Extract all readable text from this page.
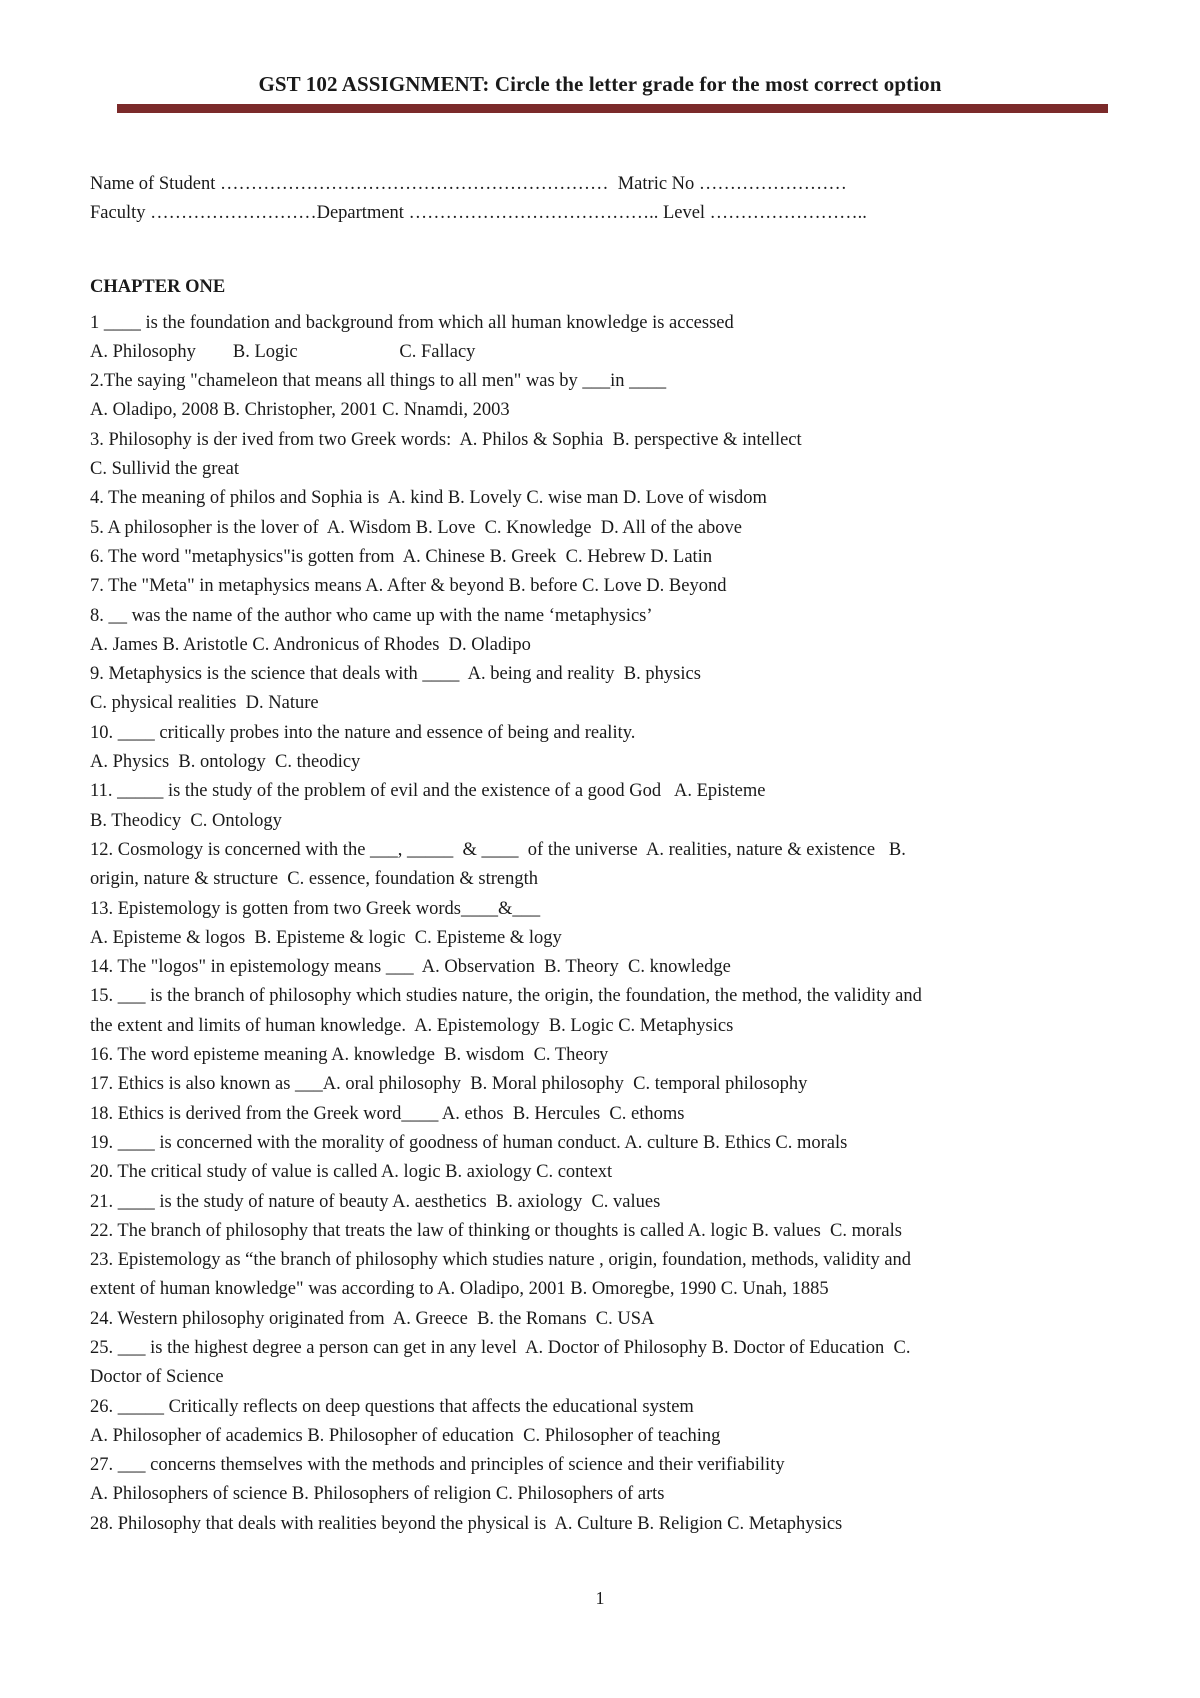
GST 102 ASSIGNMENT: Circle the letter grade for the most correct option
Name of Student ………………………………………………………  Matric No ……………………
Faculty ………………………Department ………………………………….. Level ……………………..
CHAPTER ONE
1 ____ is the foundation and background from which all human knowledge is accessed
A. Philosophy        B. Logic                      C. Fallacy
2.The saying "chameleon that means all things to all men" was by ___in ____
A. Oladipo, 2008 B. Christopher, 2001 C. Nnamdi, 2003
3. Philosophy is der ived from two Greek words:  A. Philos & Sophia  B. perspective & intellect
C. Sullivid the great
4. The meaning of philos and Sophia is  A. kind B. Lovely C. wise man D. Love of wisdom
5. A philosopher is the lover of  A. Wisdom B. Love  C. Knowledge  D. All of the above
6. The word "metaphysics"is gotten from  A. Chinese B. Greek  C. Hebrew D. Latin
7. The "Meta" in metaphysics means A. After & beyond B. before C. Love D. Beyond
8. __ was the name of the author who came up with the name ‘metaphysics’
A. James B. Aristotle C. Andronicus of Rhodes  D. Oladipo
9. Metaphysics is the science that deals with ____  A. being and reality  B. physics
C. physical realities  D. Nature
10. ____ critically probes into the nature and essence of being and reality.
A. Physics  B. ontology  C. theodicy
11. _____ is the study of the problem of evil and the existence of a good God   A. Episteme
B. Theodicy  C. Ontology
12. Cosmology is concerned with the ___, _____  & ____  of the universe  A. realities, nature & existence   B.
origin, nature & structure  C. essence, foundation & strength
13. Epistemology is gotten from two Greek words____&___
A. Episteme & logos  B. Episteme & logic  C. Episteme & logy
14. The "logos" in epistemology means ___  A. Observation  B. Theory  C. knowledge
15. ___ is the branch of philosophy which studies nature, the origin, the foundation, the method, the validity and
the extent and limits of human knowledge.  A. Epistemology  B. Logic C. Metaphysics
16. The word episteme meaning A. knowledge  B. wisdom  C. Theory
17. Ethics is also known as ___A. oral philosophy  B. Moral philosophy  C. temporal philosophy
18. Ethics is derived from the Greek word____ A. ethos  B. Hercules  C. ethoms
19. ____ is concerned with the morality of goodness of human conduct. A. culture B. Ethics C. morals
20. The critical study of value is called A. logic B. axiology C. context
21. ____ is the study of nature of beauty A. aesthetics  B. axiology  C. values
22. The branch of philosophy that treats the law of thinking or thoughts is called A. logic B. values  C. morals
23. Epistemology as “the branch of philosophy which studies nature , origin, foundation, methods, validity and
extent of human knowledge" was according to A. Oladipo, 2001 B. Omoregbe, 1990 C. Unah, 1885
24. Western philosophy originated from  A. Greece  B. the Romans  C. USA
25. ___ is the highest degree a person can get in any level  A. Doctor of Philosophy B. Doctor of Education  C.
Doctor of Science
26. _____ Critically reflects on deep questions that affects the educational system
A. Philosopher of academics B. Philosopher of education  C. Philosopher of teaching
27. ___ concerns themselves with the methods and principles of science and their verifiability
A. Philosophers of science B. Philosophers of religion C. Philosophers of arts
28. Philosophy that deals with realities beyond the physical is  A. Culture B. Religion C. Metaphysics
1
